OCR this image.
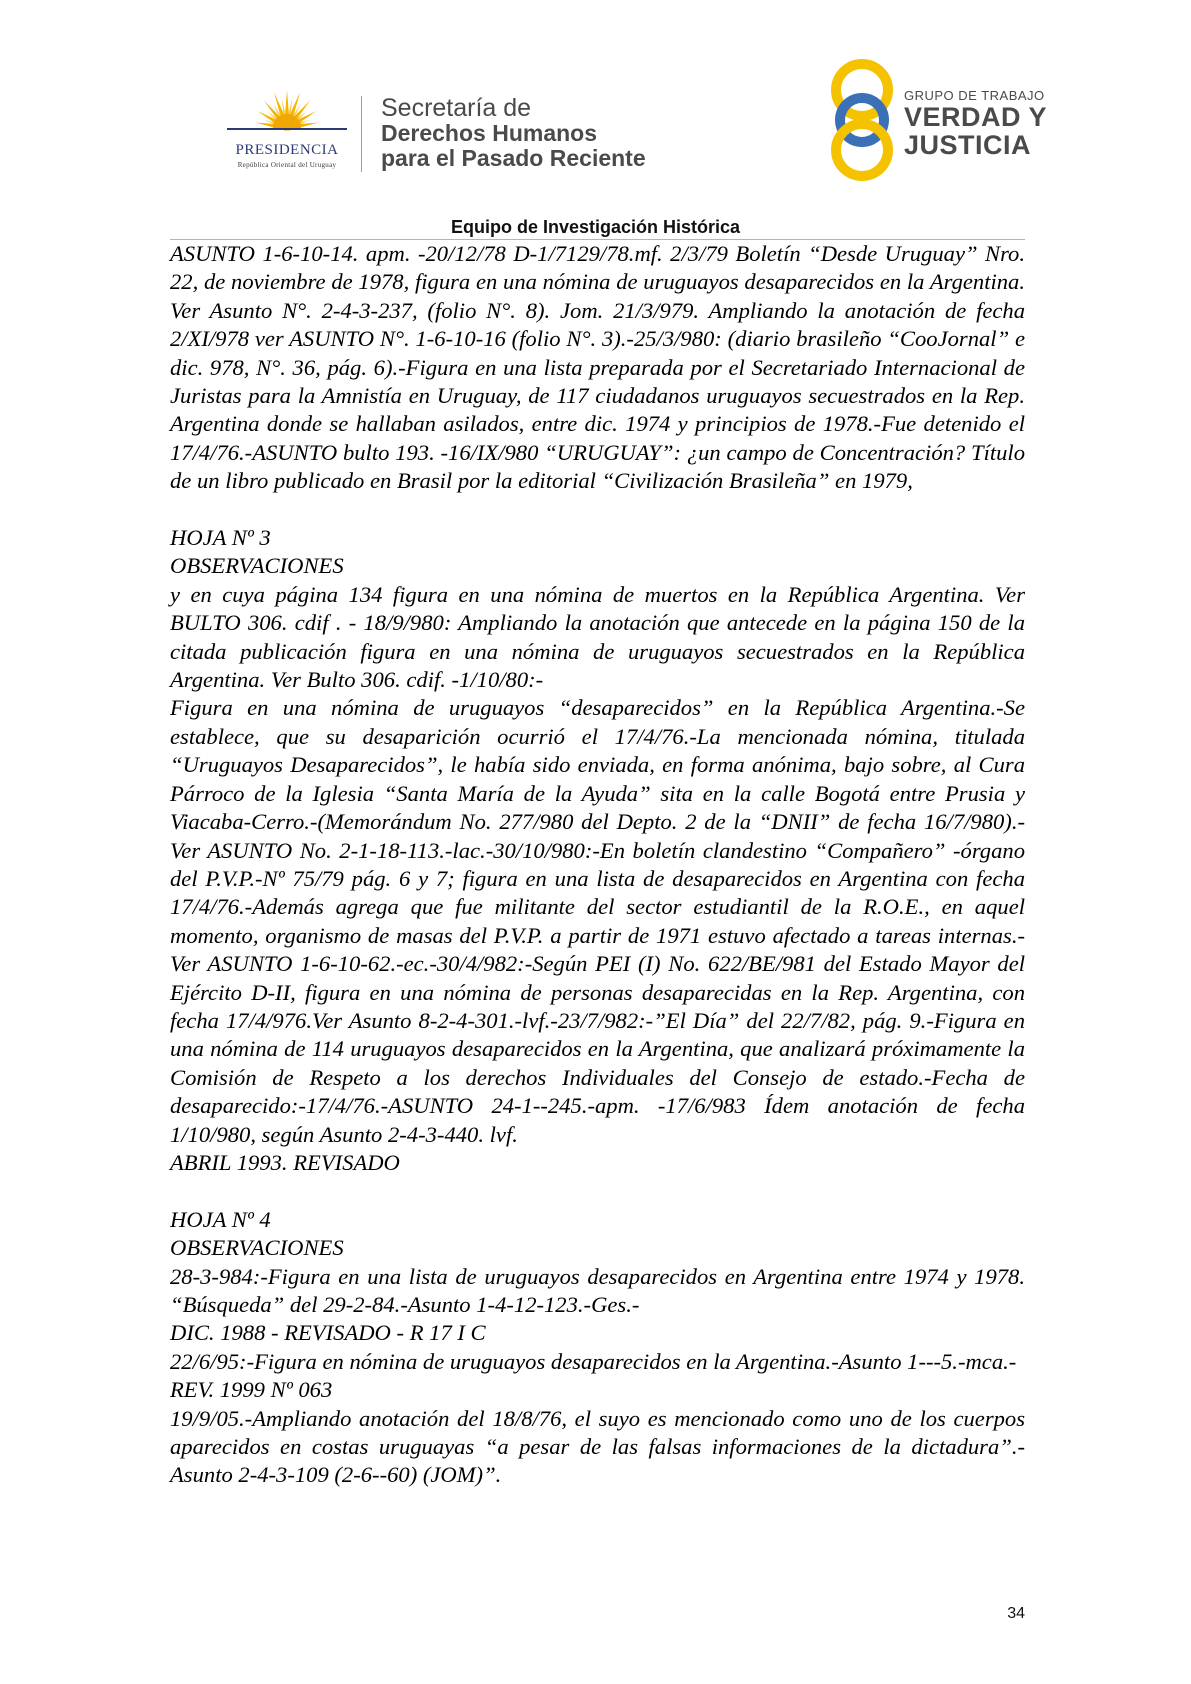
PRESIDENCIA
República Oriental del Uruguay
Secretaría de
Derechos Humanos
para el Pasado Reciente
GRUPO DE TRABAJO
VERDAD Y
JUSTICIA
Equipo de Investigación Histórica

ASUNTO 1-6-10-14. apm. -20/12/78 D-1/7129/78.mf. 2/3/79 Boletín “Desde Uruguay” Nro. 22, de noviembre de 1978, figura en una nómina de uruguayos desaparecidos en la Argentina. Ver Asunto N°. 2-4-3-237, (folio N°. 8). Jom. 21/3/979. Ampliando la anotación de fecha 2/XI/978 ver ASUNTO N°. 1-6-10-16 (folio N°. 3).-25/3/980: (diario brasileño “CooJornal” e dic. 978, N°. 36, pág. 6).-Figura en una lista preparada por el Secretariado Internacional de Juristas para la Amnistía en Uruguay, de 117 ciudadanos uruguayos secuestrados en la Rep. Argentina donde se hallaban asilados, entre dic. 1974 y principios de 1978.-Fue detenido el 17/4/76.-ASUNTO bulto 193. -16/IX/980 “URUGUAY”: ¿un campo de Concentración? Título de un libro publicado en Brasil por la editorial “Civilización Brasileña” en 1979,

HOJA Nº 3

OBSERVACIONES

y en cuya página 134 figura en una nómina de muertos en la República Argentina. Ver BULTO 306. cdif . - 18/9/980: Ampliando la anotación que antecede en la página 150 de la citada publicación figura en una nómina de uruguayos secuestrados en la República Argentina. Ver Bulto 306. cdif. -1/10/80:-

Figura en una nómina de uruguayos “desaparecidos” en la República Argentina.-Se establece, que su desaparición ocurrió el 17/4/76.-La mencionada nómina, titulada “Uruguayos Desaparecidos”, le había sido enviada, en forma anónima, bajo sobre, al Cura Párroco de la Iglesia “Santa María de la Ayuda” sita en la calle Bogotá entre Prusia y Viacaba-Cerro.-(Memorándum No. 277/980 del Depto. 2 de la “DNII” de fecha 16/7/980).-Ver ASUNTO No. 2-1-18-113.-lac.-30/10/980:-En boletín clandestino “Compañero” -órgano del P.V.P.-Nº 75/79 pág. 6 y 7; figura en una lista de desaparecidos en Argentina con fecha 17/4/76.-Además agrega que fue militante del sector estudiantil de la R.O.E., en aquel momento, organismo de masas del P.V.P. a partir de 1971 estuvo afectado a tareas internas.-Ver ASUNTO 1-6-10-62.-ec.-30/4/982:-Según PEI (I) No. 622/BE/981 del Estado Mayor del Ejército D-II, figura en una nómina de personas desaparecidas en la Rep. Argentina, con fecha 17/4/976.Ver Asunto 8-2-4-301.-lvf.-23/7/982:-”El Día” del 22/7/82, pág. 9.-Figura en una nómina de 114 uruguayos desaparecidos en la Argentina, que analizará próximamente la Comisión de Respeto a los derechos Individuales del Consejo de estado.-Fecha de desaparecido:-17/4/76.-ASUNTO 24-1--245.-apm. -17/6/983 Ídem anotación de fecha 1/10/980, según Asunto 2-4-3-440. lvf.

ABRIL 1993. REVISADO

HOJA Nº 4

OBSERVACIONES

28-3-984:-Figura en una lista de uruguayos desaparecidos en Argentina entre 1974 y 1978. “Búsqueda” del 29-2-84.-Asunto 1-4-12-123.-Ges.-

DIC. 1988 - REVISADO - R 17 I C

22/6/95:-Figura en nómina de uruguayos desaparecidos en la Argentina.-Asunto 1---5.-mca.-

REV. 1999 Nº 063

19/9/05.-Ampliando anotación del 18/8/76, el suyo es mencionado como uno de los cuerpos aparecidos en costas uruguayas “a pesar de las falsas informaciones de la dictadura”.-Asunto 2-4-3-109 (2-6--60) (JOM)”.

34
